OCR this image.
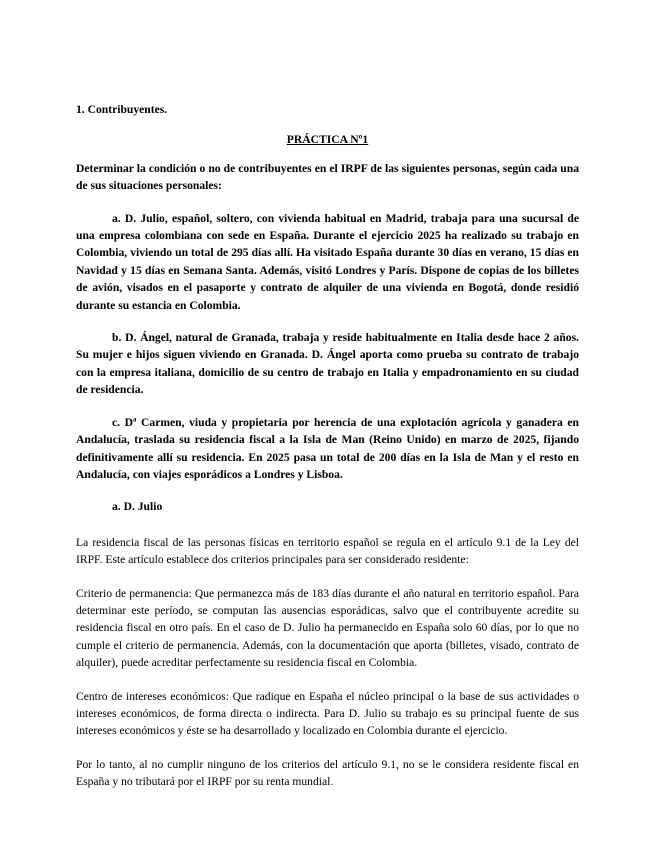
1. Contribuyentes.

PRÁCTICA Nº1

Determinar la condición o no de contribuyentes en el IRPF de las siguientes personas, según cada una de sus situaciones personales:

a. D. Julio, español, soltero, con vivienda habitual en Madrid, trabaja para una sucursal de una empresa colombiana con sede en España. Durante el ejercicio 2025 ha realizado su trabajo en Colombia, viviendo un total de 295 días allí. Ha visitado España durante 30 días en verano, 15 días en Navidad y 15 días en Semana Santa. Además, visitó Londres y París. Dispone de copias de los billetes de avión, visados en el pasaporte y contrato de alquiler de una vivienda en Bogotá, donde residió durante su estancia en Colombia.

b. D. Ángel, natural de Granada, trabaja y reside habitualmente en Italia desde hace 2 años. Su mujer e hijos siguen viviendo en Granada. D. Ángel aporta como prueba su contrato de trabajo con la empresa italiana, domicilio de su centro de trabajo en Italia y empadronamiento en su ciudad de residencia.

c. Dª Carmen, viuda y propietaria por herencia de una explotación agrícola y ganadera en Andalucía, traslada su residencia fiscal a la Isla de Man (Reino Unido) en marzo de 2025, fijando definitivamente allí su residencia. En 2025 pasa un total de 200 días en la Isla de Man y el resto en Andalucía, con viajes esporádicos a Londres y Lisboa.

a. D. Julio

La residencia fiscal de las personas físicas en territorio español se regula en el artículo 9.1 de la Ley del IRPF. Este artículo establece dos criterios principales para ser considerado residente:

Criterio de permanencia: Que permanezca más de 183 días durante el año natural en territorio español. Para determinar este período, se computan las ausencias esporádicas, salvo que el contribuyente acredite su residencia fiscal en otro país. En el caso de D. Julio ha permanecido en España solo 60 días, por lo que no cumple el criterio de permanencia. Además, con la documentación que aporta (billetes, visado, contrato de alquiler), puede acreditar perfectamente su residencia fiscal en Colombia.

Centro de intereses económicos: Que radique en España el núcleo principal o la base de sus actividades o intereses económicos, de forma directa o indirecta. Para D. Julio su trabajo es su principal fuente de sus intereses económicos y éste se ha desarrollado y localizado en Colombia durante el ejercicio.

Por lo tanto, al no cumplir ninguno de los criterios del artículo 9.1, no se le considera residente fiscal en España y no tributará por el IRPF por su renta mundial.
